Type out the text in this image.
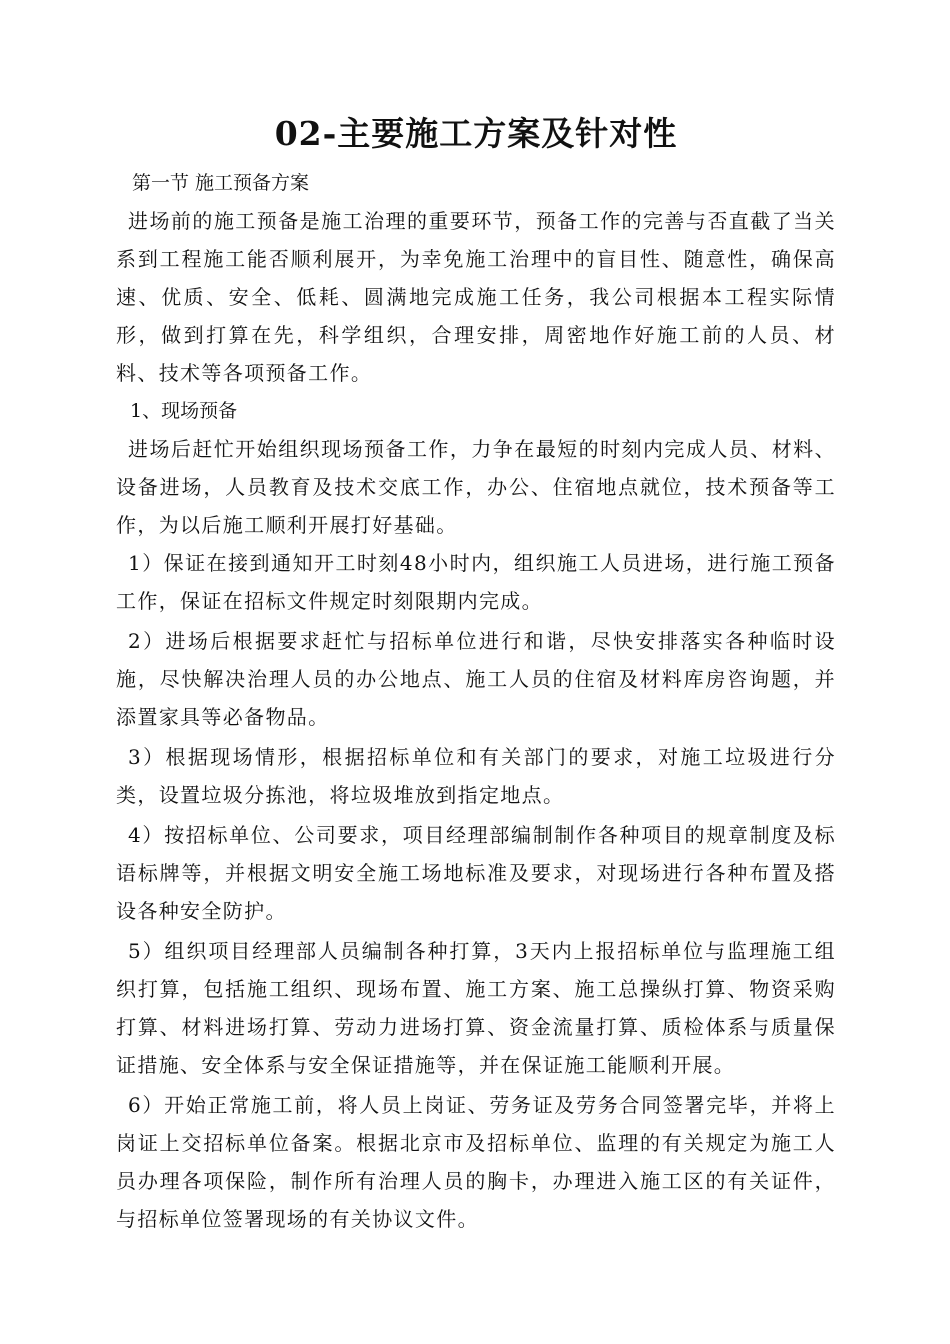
02-主要施工方案及针对性

第一节 施工预备方案

进场前的施工预备是施工治理的重要环节，预备工作的完善与否直截了当关系到工程施工能否顺利展开，为幸免施工治理中的盲目性、随意性，确保高速、优质、安全、低耗、圆满地完成施工任务，我公司根据本工程实际情形，做到打算在先，科学组织，合理安排，周密地作好施工前的人员、材料、技术等各项预备工作。

1、现场预备

进场后赶忙开始组织现场预备工作，力争在最短的时刻内完成人员、材料、设备进场，人员教育及技术交底工作，办公、住宿地点就位，技术预备等工作，为以后施工顺利开展打好基础。

1）保证在接到通知开工时刻48小时内，组织施工人员进场，进行施工预备工作，保证在招标文件规定时刻限期内完成。

2）进场后根据要求赶忙与招标单位进行和谐，尽快安排落实各种临时设施，尽快解决治理人员的办公地点、施工人员的住宿及材料库房咨询题，并添置家具等必备物品。

3）根据现场情形，根据招标单位和有关部门的要求，对施工垃圾进行分类，设置垃圾分拣池，将垃圾堆放到指定地点。

4）按招标单位、公司要求，项目经理部编制制作各种项目的规章制度及标语标牌等，并根据文明安全施工场地标准及要求，对现场进行各种布置及搭设各种安全防护。

5）组织项目经理部人员编制各种打算，3天内上报招标单位与监理施工组织打算，包括施工组织、现场布置、施工方案、施工总操纵打算、物资采购打算、材料进场打算、劳动力进场打算、资金流量打算、质检体系与质量保证措施、安全体系与安全保证措施等，并在保证施工能顺利开展。

6）开始正常施工前，将人员上岗证、劳务证及劳务合同签署完毕，并将上岗证上交招标单位备案。根据北京市及招标单位、监理的有关规定为施工人员办理各项保险，制作所有治理人员的胸卡，办理进入施工区的有关证件，与招标单位签署现场的有关协议文件。
